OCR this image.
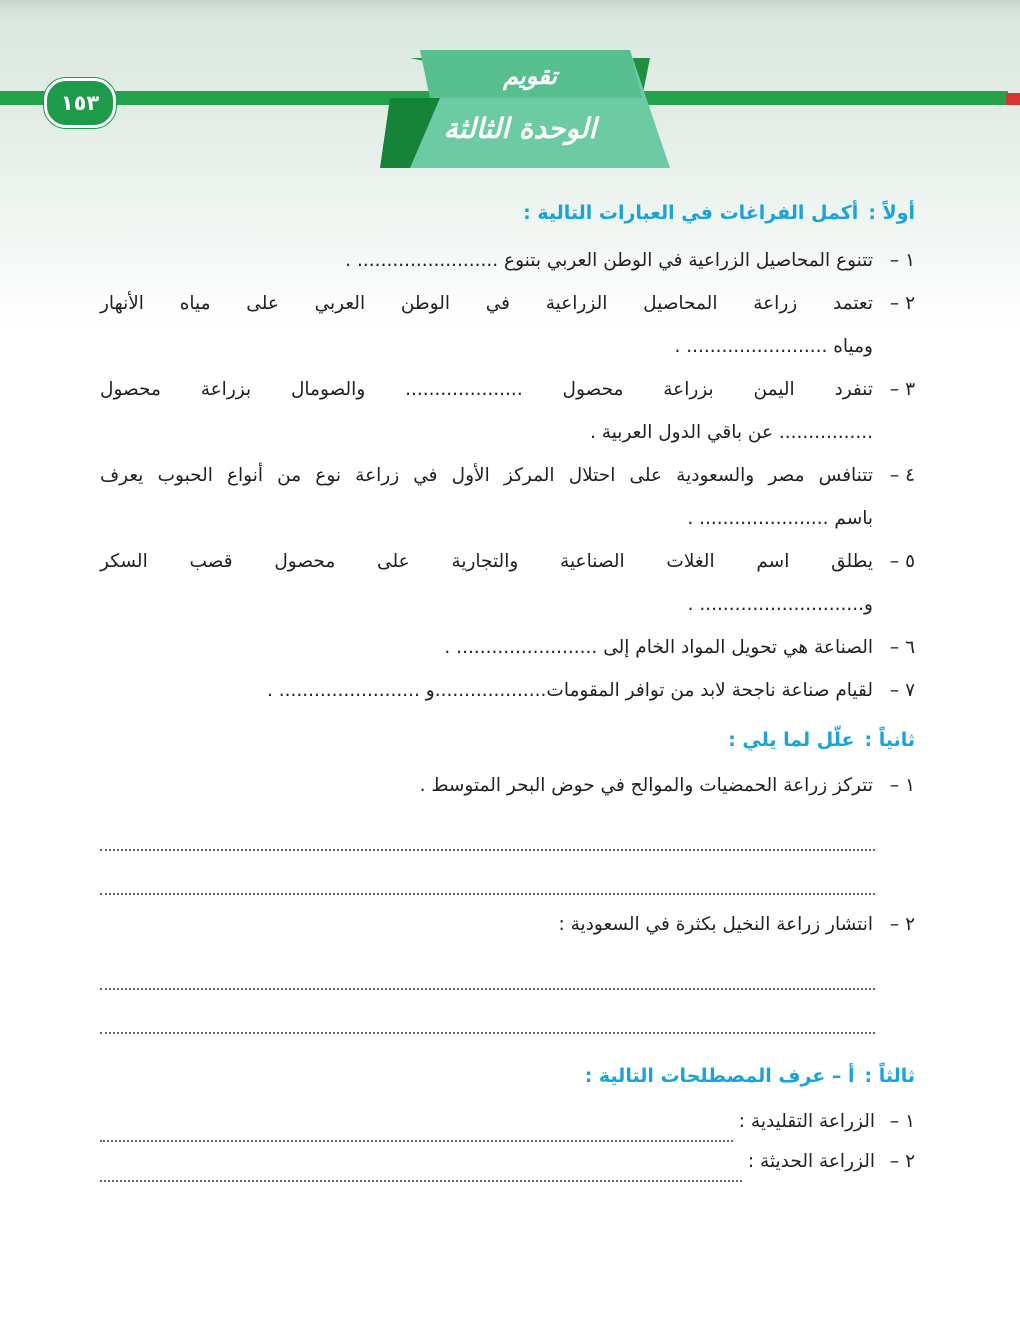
١٥٣
تقويم
الوحدة الثالثة
أولاً :أكمل الفراغات في العبارات التالية :
١ –
تتنوع المحاصيل الزراعية في الوطن العربي بتنوع ........................ .
٢ –
تعتمد زراعة المحاصيل الزراعية في الوطن العربي على مياه الأنهار
ومياه ........................ .
٣ –
تنفرد اليمن بزراعة محصول .................... والصومال بزراعة محصول
................ عن باقي الدول العربية .
٤ –
تتنافس مصر والسعودية على احتلال المركز الأول في زراعة نوع من أنواع الحبوب يعرف
باسم ...................... .
٥ –
يطلق اسم الغلات الصناعية والتجارية على محصول قصب السكر
و............................ .
٦ –
الصناعة هي تحويل المواد الخام إلى ........................ .
٧ –
لقيام صناعة ناجحة لابد من توافر المقومات...................و ........................ .
ثانياً :علّل لما يلي :
١ –
تتركز زراعة الحمضيات والموالح في حوض البحر المتوسط .
٢ –
انتشار زراعة النخيل بكثرة في السعودية :
ثالثاً :أ – عرف المصطلحات التالية :
١ –
الزراعة التقليدية :
٢ –
الزراعة الحديثة :
